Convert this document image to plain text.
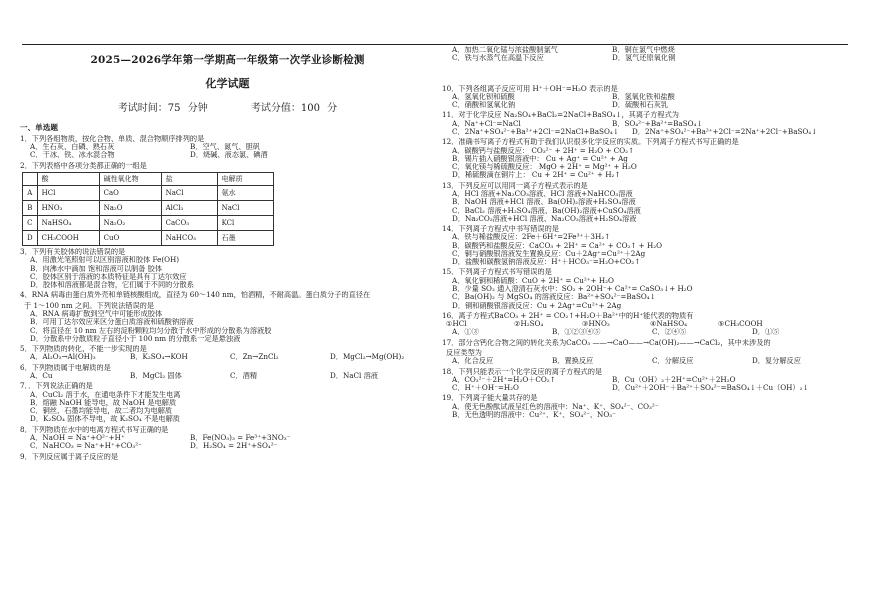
2025—2026学年第一学期高一年级第一次学业诊断检测
化学试题
考试时间：75 分钟	考试分值：100 分
一、单选题
1．下列各组物质，按化合物、单质、混合物顺序排列的是
A．生石灰、白磷、熟石灰	B．空气、氮气、胆矾
C．干冰、铁、冰水混合物	D．烧碱、液态氯、碘酒
2．下列表格中各项分类都正确的一组是
	酸	碱性氧化物	盐	电解质
A	HCl	CaO	NaCl	氨水
B	HNO₃	Na₂O	AlCl₃	NaCl
C	NaHSO₄	Na₂O₂	CaCO₃	KCl
D	CH₃COOH	CuO	NaHCO₃	石墨
3．下列有关胶体的说法错误的是
A．用激光笔照射可以区别溶液和胶体 Fe(OH)
B．向沸水中滴加 饱和溶液可以制备 胶体
C．胶体区别于溶液的本质特征是具有丁达尔效应
D．胶体和溶液都是混合物，它们属于不同的分散系
4．RNA 病毒由蛋白质外壳和单链核酸组成，直径为 60～140 nm，怕酒精，不耐高温。蛋白质分子的直径在
于 1～100 nm 之间。下列说法错误的是
A．RNA 病毒扩散到空气中可能形成胶体
B．可用丁达尔效应来区分蛋白质溶液和硫酸钠溶液
C．将直径在 10 nm 左右的淀粉颗粒均匀分散于水中形成的分散系为溶液胶
D．分散系中分散质粒子直径小于 100 nm 的分散系一定是悬浊液
5．下列物质的转化，不能一步实现的是
A．Al₂O₃→Al(OH)₃	B．K₂SO₄→KOH	C．Zn→ZnCl₂	D．MgCl₂→Mg(OH)₂
6．下列物质属于电解质的是
A．Cu	B．MgCl₂ 固体	C．酒精	D．NaCl 溶液
7．．下列说法正确的是
A．CuCl₂ 溶于水，在通电条件下才能发生电离
B．熔融 NaOH 能导电，故 NaOH 是电解质
C．铜丝、石墨均能导电，故二者均为电解质
D．K₂SO₄ 固体不导电，故 K₂SO₄ 不是电解质
8．下列物质在水中的电离方程式书写正确的是
A．NaOH = Na⁺+O²⁻+H⁺	B．Fe(NO₃)₃ = Fe³⁺+3NO₃⁻
C．NaHCO₃ = Na⁺+H⁺+CO₃²⁻	D．H₂SO₄ = 2H⁺+SO₄²⁻
9．下列反应属于离子反应的是
A．加热二氧化锰与浓盐酸制氯气	B．铜在氯气中燃烧
C．铁与水蒸气在高温下反应	D．氢气还原氧化铜
10．下列各组离子反应可用 H⁺＋OH⁻=H₂O 表示的是
A．氢氧化钡和硫酸	B．氢氧化铁和盐酸
C．硝酸和氢氧化钠	D．硫酸和石灰乳
11．对于化学反应 Na₂SO₄+BaCl₂=2NaCl+BaSO₄↓，其离子方程式为
A．Na⁺+Cl⁻=NaCl	B．SO₄²⁻+Ba²⁺=BaSO₄↓
C．2Na⁺+SO₄²⁻+Ba²⁺+2Cl⁻=2NaCl+BaSO₄↓	D．2Na⁺+SO₄²⁻+Ba²⁺+2Cl⁻=2Na⁺+2Cl⁻+BaSO₄↓
12．准确书写离子方程式有助于我们认识很多化学反应的实质。下列离子方程式书写正确的是
A．碳酸钙与盐酸反应： CO₃²⁻ + 2H⁺ = H₂O + CO₂↑
B．锡片插入硝酸银溶液中： Cu + Ag⁺ = Cu²⁺ + Ag
C．氧化镁与稀硫酸反应： MgO + 2H⁺ = Mg²⁺ + H₂O
D．稀硫酸滴在铜片上： Cu + 2H⁺ = Cu²⁺ + H₂↑
13．下列反应可以用同一离子方程式表示的是
A．HCl 溶液+Na₂CO₃溶液、HCl 溶液+NaHCO₃溶液
B．NaOH 溶液+HCl 溶液、Ba(OH)₂溶液+H₂SO₄溶液
C．BaCl₂ 溶液+H₂SO₄溶液、Ba(OH)₂溶液+CuSO₄溶液
D．Na₂CO₃溶液+HCl 溶液、Na₂CO₃溶液+H₂SO₄溶液
14．下列离子方程式中书写错误的是
A．铁与稀盐酸反应：2Fe＋6H⁺=2Fe³⁺＋3H₂↑
B．碳酸钙和盐酸反应：CaCO₃ + 2H⁺ = Ca²⁺ + CO₂↑ + H₂O
C．铜与硝酸银溶液发生置换反应：Cu＋2Ag⁺=Cu²⁺＋2Ag
D．盐酸和碳酸氢钠溶液反应：H⁺＋HCO₃⁻=H₂O+CO₂↑
15．下列离子方程式书写错误的是
A．氧化铜和稀硫酸：CuO + 2H⁺ = Cu²⁺+ H₂O
B．少量 SO₂ 通入澄清石灰水中：SO₂ + 2OH⁻+ Ca²⁺= CaSO₃↓+ H₂O
C．Ba(OH)₂ 与 MgSO₄ 的溶液反应：Ba²⁺+SO₄²⁻=BaSO₄↓
D．铜和硝酸银溶液反应：Cu + 2Ag⁺=Cu²⁺+ 2Ag
16．离子方程式BaCO₃ + 2H⁺ = CO₂↑+H₂O＋Ba²⁺中的H⁺能代表的物质有
①HCl	②H₂SO₄	③HNO₃	④NaHSO₄	⑤CH₃COOH
A．①③	B．①②③④⑤	C．②④⑤	D．①⑤
17．部分含钙化合物之间的转化关系为CaCO₃ ——→CaO——→Ca(OH)₂——→CaCl₂，其中未涉及的
反应类型为
A．化合反应	B．置换反应	C．分解反应	D．复分解反应
18．下列只能表示一个化学反应的离子方程式的是
A．CO₃²⁻＋2H⁺=H₂O＋CO₂↑	B．Cu（OH）₂＋2H⁺=Cu²⁺＋2H₂O
C．H⁺＋OH⁻=H₂O	D．Cu²⁺＋2OH⁻＋Ba²⁺＋SO₄²⁻=BaSO₄↓＋Cu（OH）₂↓
19．下列离子能大量共存的是
A．使无色酚酞试液呈红色的溶液中：Na⁺、K⁺、SO₄²⁻、CO₃²⁻
B．无色透明的溶液中：Cu²⁺、K⁺、SO₄²⁻、NO₃⁻
